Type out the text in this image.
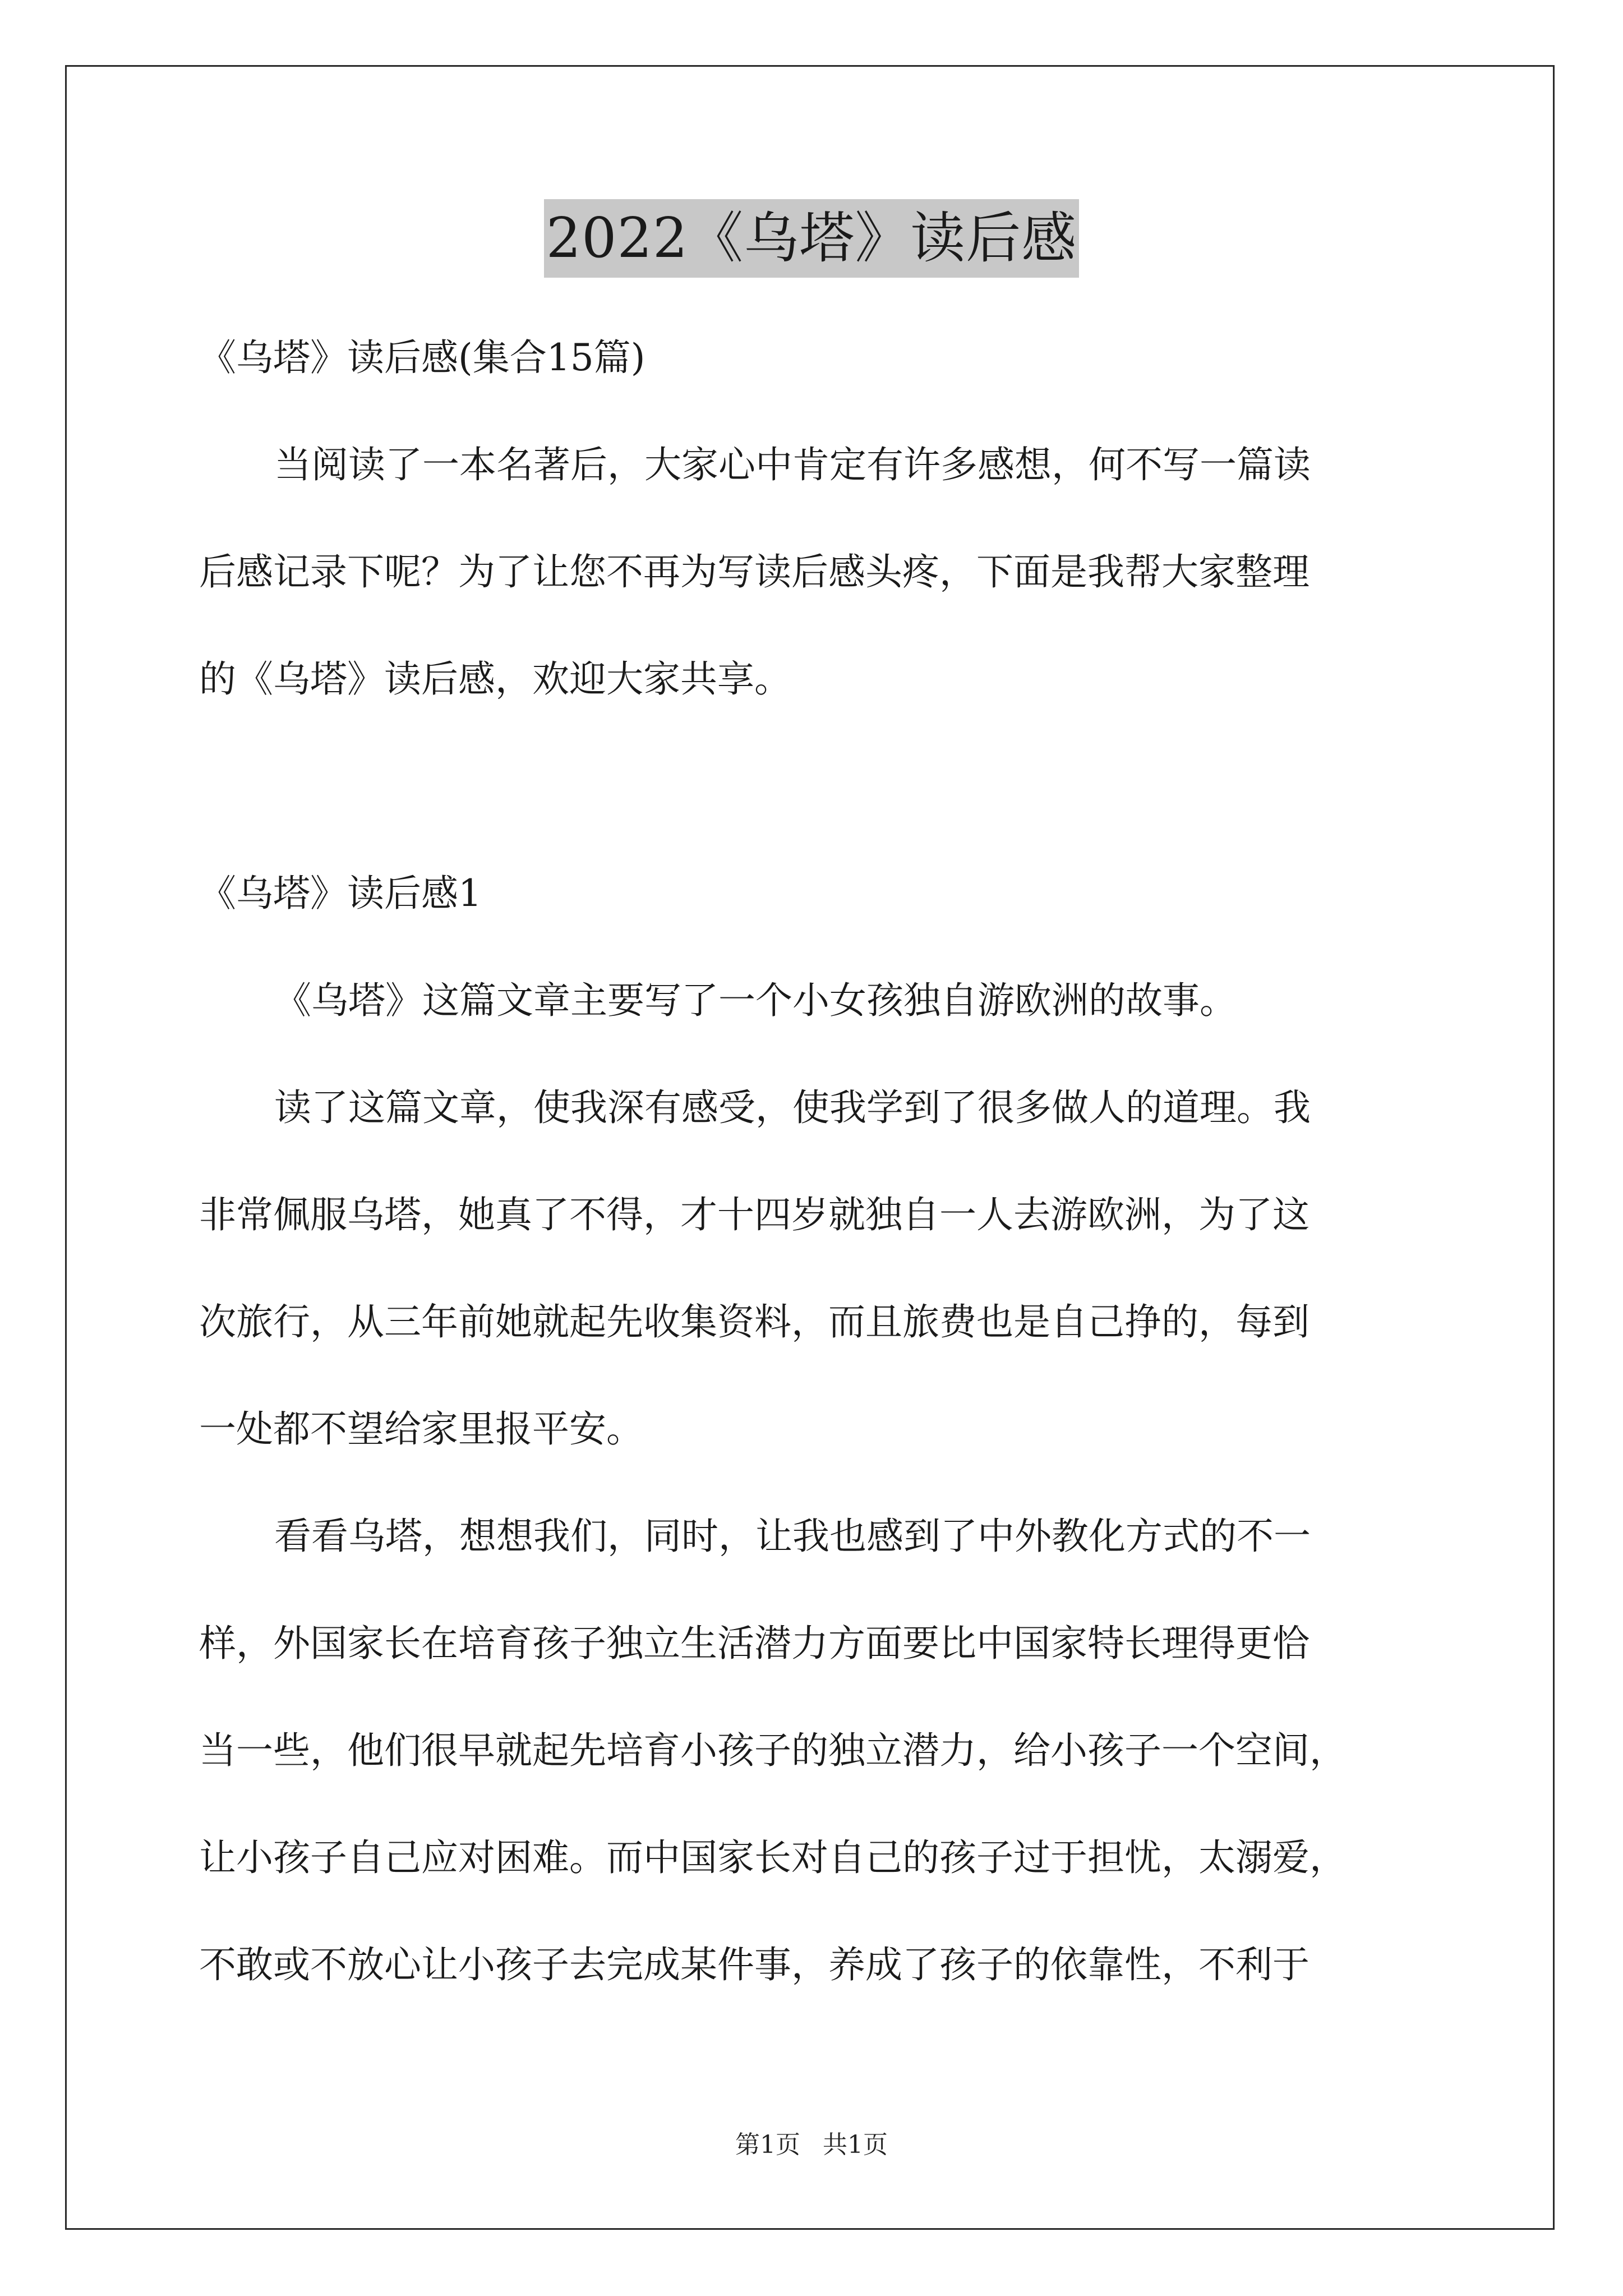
2022《乌塔》读后感

《乌塔》读后感(集合15篇)

当阅读了一本名著后，大家心中肯定有许多感想，何不写一篇读

后感记录下呢？为了让您不再为写读后感头疼，下面是我帮大家整理

的《乌塔》读后感，欢迎大家共享。

《乌塔》读后感1

《乌塔》这篇文章主要写了一个小女孩独自游欧洲的故事。

读了这篇文章，使我深有感受，使我学到了很多做人的道理。我

非常佩服乌塔，她真了不得，才十四岁就独自一人去游欧洲，为了这

次旅行，从三年前她就起先收集资料，而且旅费也是自己挣的，每到

一处都不望给家里报平安。

看看乌塔，想想我们，同时，让我也感到了中外教化方式的不一

样，外国家长在培育孩子独立生活潜力方面要比中国家特长理得更恰

当一些，他们很早就起先培育小孩子的独立潜力，给小孩子一个空间，

让小孩子自己应对困难。而中国家长对自己的孩子过于担忧，太溺爱，

不敢或不放心让小孩子去完成某件事，养成了孩子的依靠性，不利于

第1页 共1页
